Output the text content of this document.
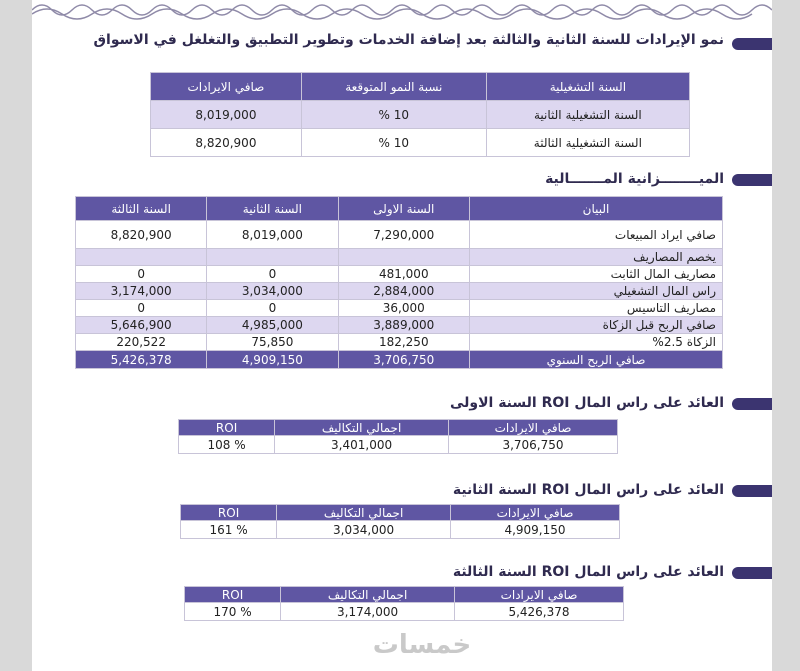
نمو الإيرادات للسنة الثانية والثالثة بعد إضافة الخدمات وتطوير التطبيق والتغلغل في الاسواق
السنة التشغيلية	نسبة النمو المتوقعة	صافي الايرادات
السنة التشغيلية الثانية	10 %	8,019,000
السنة التشغيلية الثالثة	10 %	8,820,900
الميــــــــزانية المـــــــالية
البيان	السنة الاولى	السنة الثانية	السنة الثالثة
صافي ايراد المبيعات	7,290,000	8,019,000	8,820,900
يخصم المصاريف			
مصاريف المال الثابت	481,000	0	0
راس المال التشغيلي	2,884,000	3,034,000	3,174,000
مصاريف التاسيس	36,000	0	0
صافي الربح قبل الزكاة	3,889,000	4,985,000	5,646,900
الزكاة 2.5%	182,250	75,850	220,522
صافي الربح السنوي	3,706,750	4,909,150	5,426,378
العائد على راس المال ROI السنة الاولى
صافي الايرادات	اجمالي التكاليف	ROI
3,706,750	3,401,000	% 108
العائد على راس المال ROI السنة الثانية
صافي الايرادات	اجمالي التكاليف	ROI
4,909,150	3,034,000	% 161
العائد على راس المال ROI السنة الثالثة
صافي الايرادات	اجمالي التكاليف	ROI
5,426,378	3,174,000	% 170
خمسات
